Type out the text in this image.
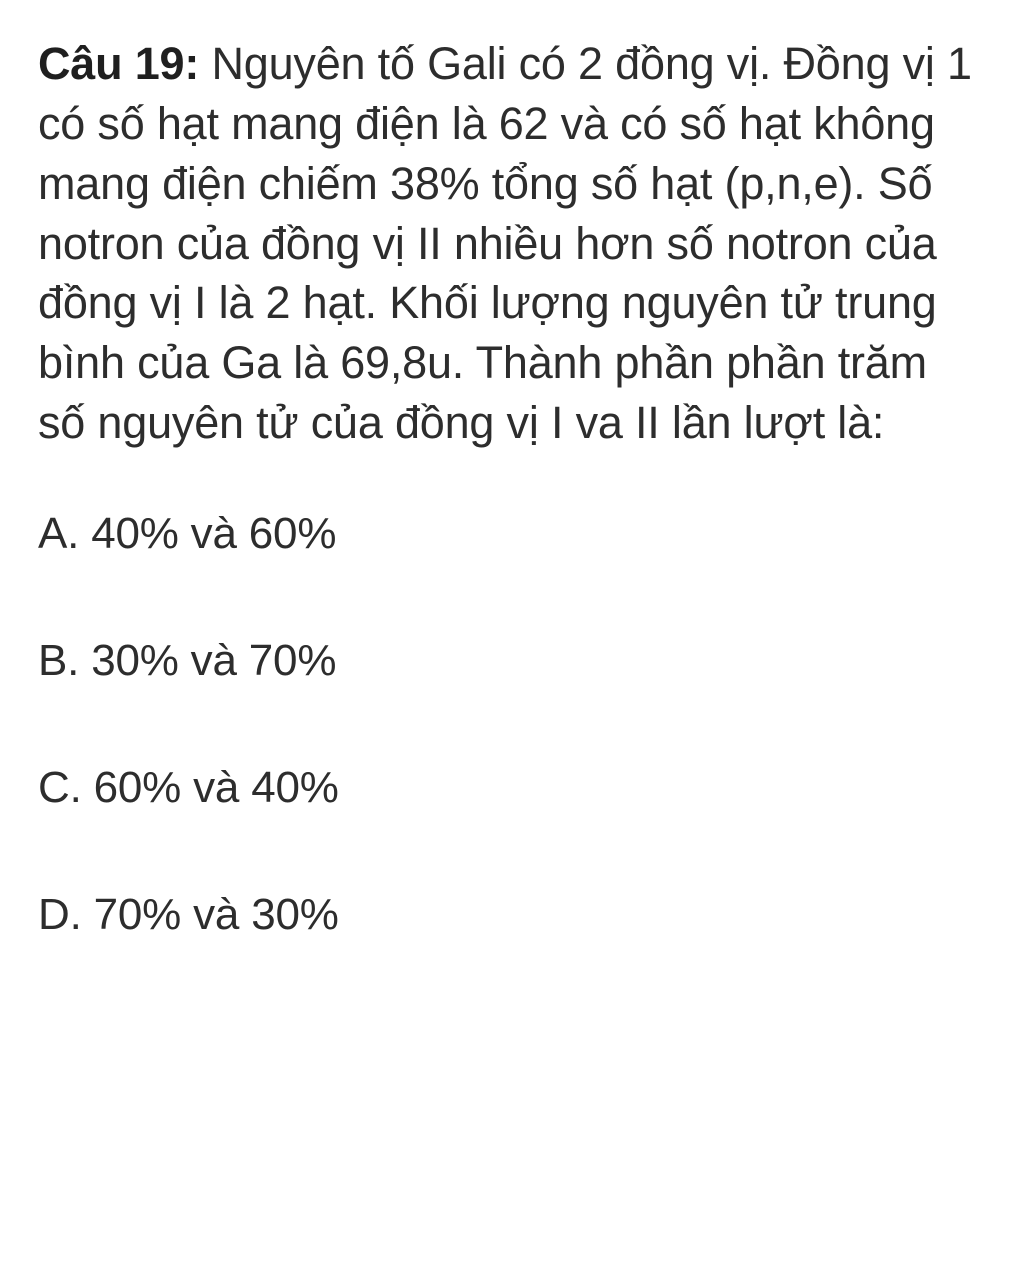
Câu 19: Nguyên tố Gali có 2 đồng vị. Đồng vị 1 có số hạt mang điện là 62 và có số hạt không mang điện chiếm 38% tổng số hạt (p,n,e). Số notron của đồng vị II nhiều hơn số notron của đồng vị I là 2 hạt. Khối lượng nguyên tử trung bình của Ga là 69,8u. Thành phần phần trăm số nguyên tử của đồng vị I va II lần lượt là:

A. 40% và 60%

B. 30% và 70%

C. 60% và 40%

D. 70% và 30%
